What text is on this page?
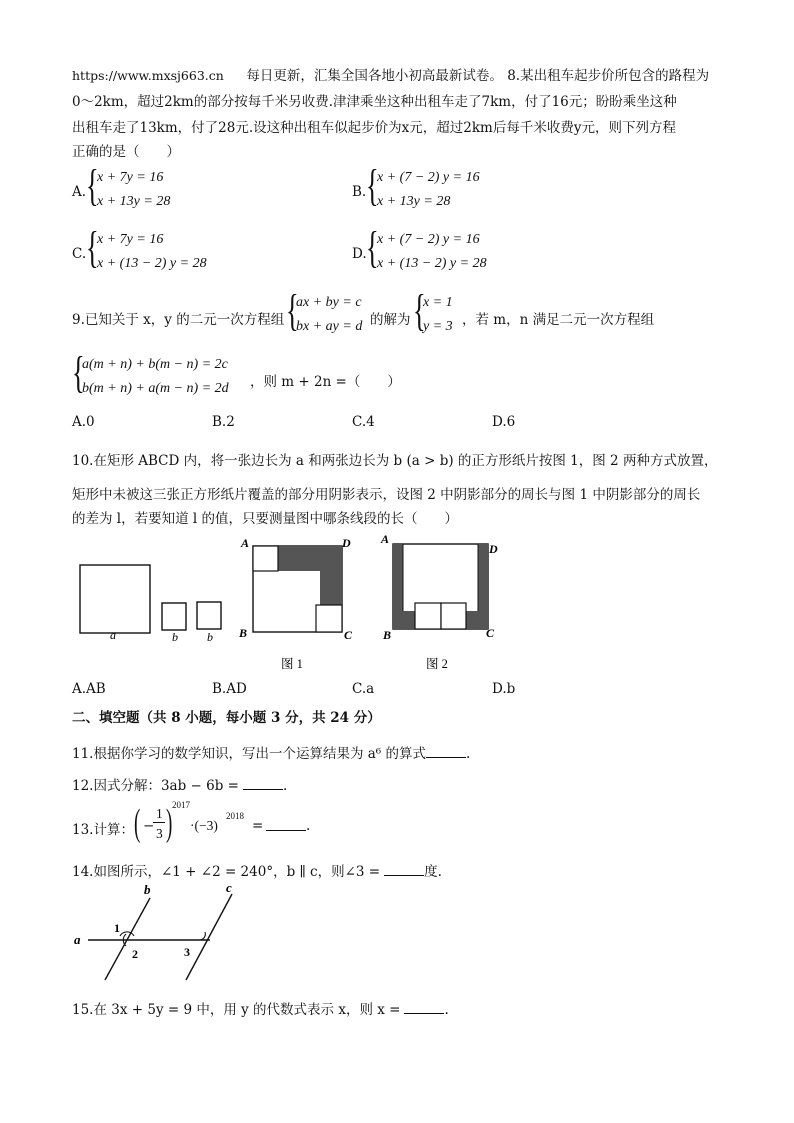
https://www.mxsj663.cn 每日更新，汇集全国各地小初高最新试卷。 8.某出租车起步价所包含的路程为
0～2km，超过2km的部分按每千米另收费.津津乘坐这种出租车走了7km，付了16元；盼盼乘坐这种
出租车走了13km，付了28元.设这种出租车似起步价为x元，超过2km后每千米收费y元，则下列方程
正确的是（　　）
A. {
x + 7y = 16
x + 13y = 28
B. {
x + (7 − 2) y = 16
x + 13y = 28
C. {
x + 7y = 16
x + (13 − 2) y = 28
D. {
x + (7 − 2) y = 16
x + (13 − 2) y = 28
9.已知关于 x，y 的二元一次方程组 {
ax + by = c
bx + ay = d 的解为 {
x = 1
y = 3 ，若 m，n 满足二元一次方程组
{
a(m + n) + b(m − n) = 2c
b(m + n) + a(m − n) = 2d ，则 m + 2n =（　　）
A.0	B.2	C.4	D.6
10.在矩形 ABCD 内，将一张边长为 a 和两张边长为 b (a > b) 的正方形纸片按图 1，图 2 两种方式放置，
矩形中未被这三张正方形纸片覆盖的部分用阴影表示，设图 2 中阴影部分的周长与图 1 中阴影部分的周长
的差为 l，若要知道 l 的值，只要测量图中哪条线段的长（　　）
a	b b
A	D
B	C
A
D
B	C
图 1	图 2
A.AB	B.AD	C.a	D.b
二、填空题（共 8 小题，每小题 3 分，共 24 分）
11.根据你学习的数学知识，写出一个运算结果为 a⁶ 的算式	.
12.因式分解：3ab − 6b =	.
13.计算： ( −
1
3 ) 2017
·(−3)
2018
=	.
14.如图所示，∠1 + ∠2 = 240°，b ∥ c，则∠3 =	度.
a
b	c
1
2	3
15.在 3x + 5y = 9 中，用 y 的代数式表示 x，则 x =	.
